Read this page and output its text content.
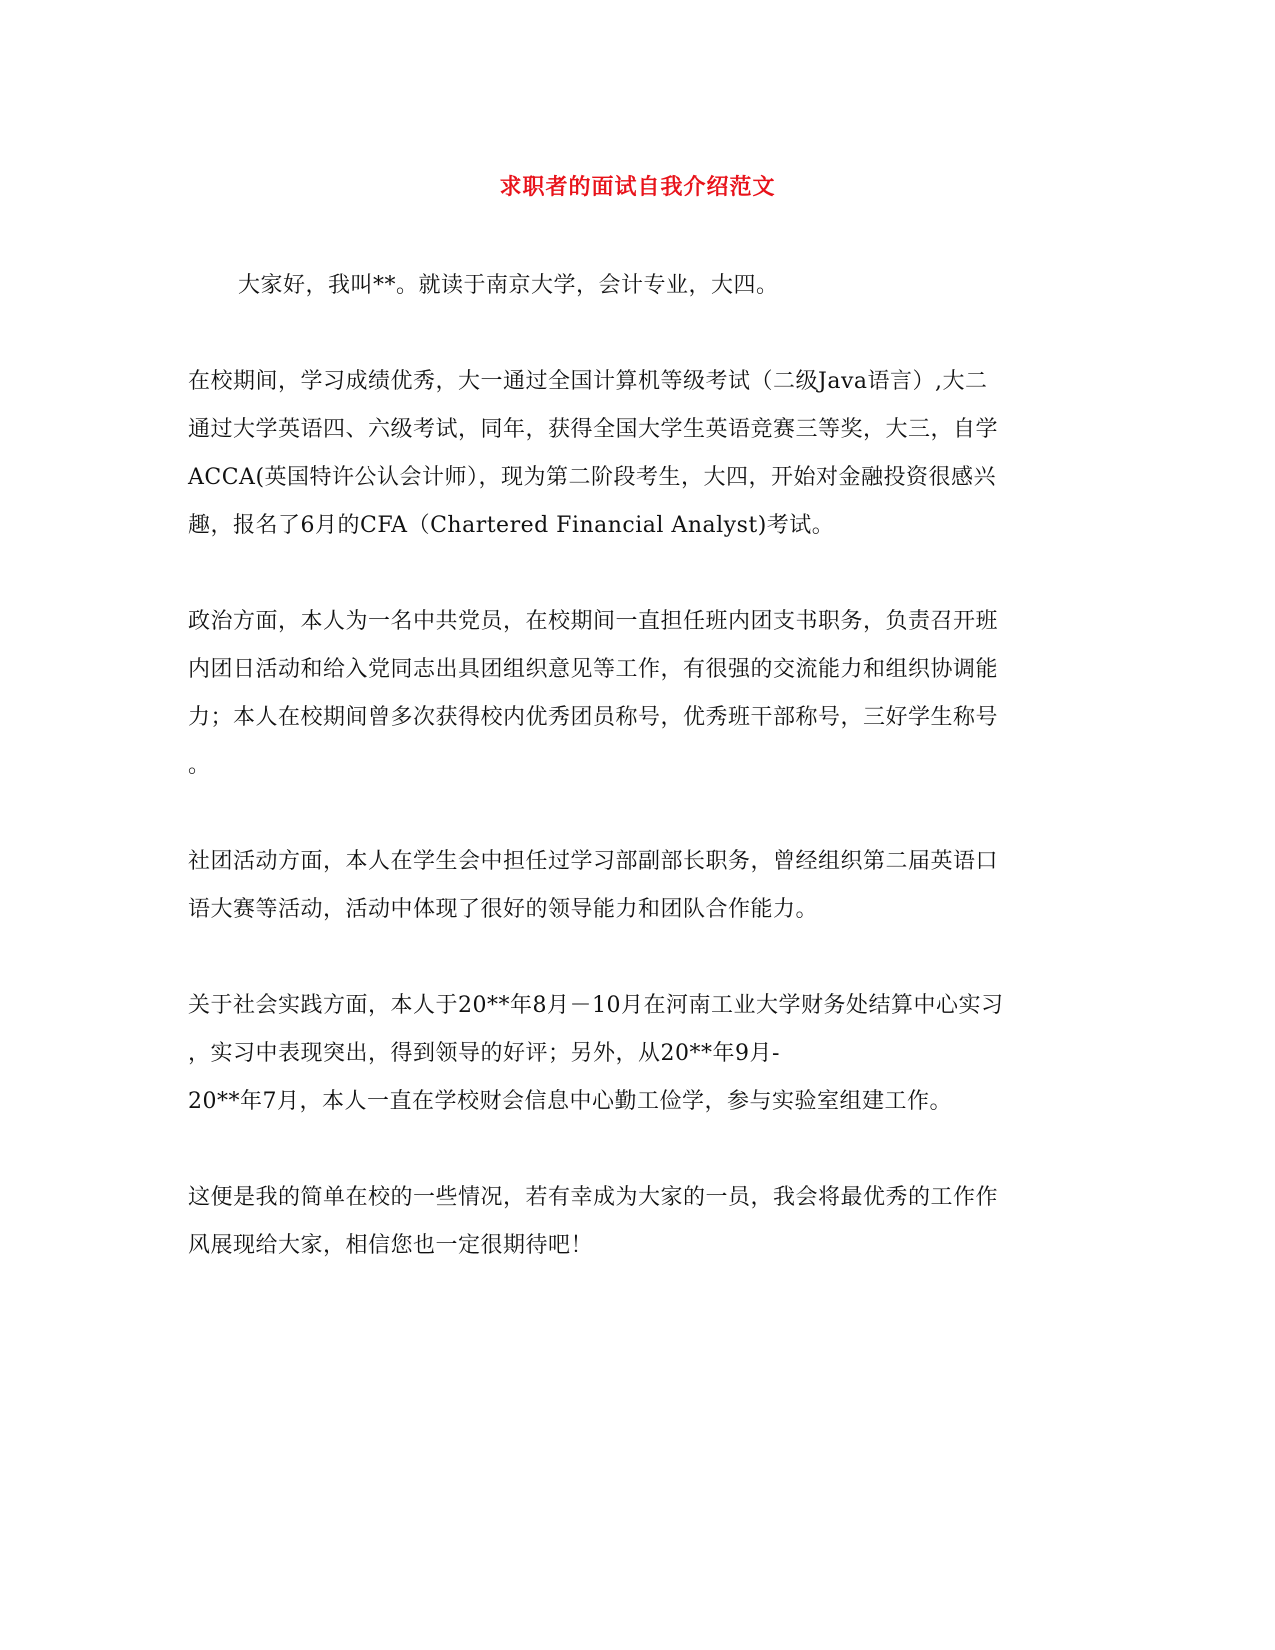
求职者的面试自我介绍范文
大家好，我叫**。就读于南京大学，会计专业，大四。
在校期间，学习成绩优秀，大一通过全国计算机等级考试（二级Java语言）,大二
通过大学英语四、六级考试，同年，获得全国大学生英语竞赛三等奖，大三，自学
ACCA(英国特许公认会计师），现为第二阶段考生，大四，开始对金融投资很感兴
趣，报名了6月的CFA（Chartered Financial Analyst)考试。
政治方面，本人为一名中共党员，在校期间一直担任班内团支书职务，负责召开班
内团日活动和给入党同志出具团组织意见等工作，有很强的交流能力和组织协调能
力；本人在校期间曾多次获得校内优秀团员称号，优秀班干部称号，三好学生称号
。
社团活动方面，本人在学生会中担任过学习部副部长职务，曾经组织第二届英语口
语大赛等活动，活动中体现了很好的领导能力和团队合作能力。
关于社会实践方面，本人于20**年8月－10月在河南工业大学财务处结算中心实习
，实习中表现突出，得到领导的好评；另外，从20**年9月-
20**年7月，本人一直在学校财会信息中心勤工俭学，参与实验室组建工作。
这便是我的简单在校的一些情况，若有幸成为大家的一员，我会将最优秀的工作作
风展现给大家，相信您也一定很期待吧！
